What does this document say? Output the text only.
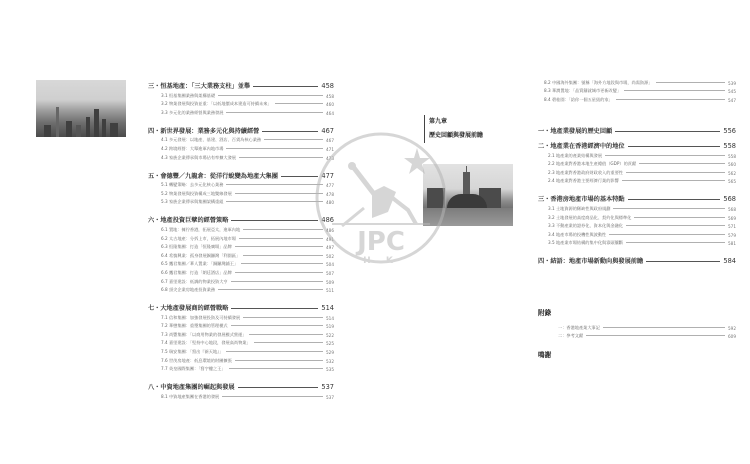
三・恒基地產：「三大業務支柱」並舉	458
3.1 恒基集團業務與架構基礎	458
3.2 物業發展與投資並重：「以低地價成本建造可持續未來」	460
3.3 多元化的業務經營與業務發展	464
四・新世界發展：業務多元化與持續經營	467
4.1 多元發展：以地產、基建、酒店、百貨為核心業務	467
4.2 跨境經營：大舉進軍內地市場	471
4.3 家族企業傳承與市場佔有率擴大發展	473
五・會德豐／九龍倉：從洋行蛻變為地產大集團	477
5.1 轉變策略：去多元化核心業務	477
5.2 物業發展與投資構成三地雙線發展	478
5.3 家族企業傳承與集團架構重組	480
六・地產投資巨擘的經營策略	486
6.1 置地：擁佇香港，拓展亞太，進軍內地	486
6.2 太古地產：分拆上市，拓展內地市場	491
6.3 恒隆集團：打造「恒隆廣場」品牌	497
6.4 希慎興業：孤身發展銅鑼灣「利園區」	502
6.5 鷹君集團／華人置業：「銅鑼灣鋪王」	504
6.6 鷹君集團：打造「朗廷酒店」品牌	507
6.7 嘉里建設：低調的物業投資大亨	509
6.8 頂尖企業房地產投資業務	511
七・大地產發展商的經營戰略	514
7.1 信和集團：加強發展投資及可持續發展	514
7.2 華懋集團：重塑集團的管理模式	519
7.3 尚豐集團：「以商用物業的發展模式營運」	522
7.4 嘉里建設：「堅持中心地段，發展高尚物業」	525
7.5 瑞安集團：「寫出『新天地』」	529
7.6 世茂房地產：低息環境的財團擴張	532
7.7 英皇國際集團：「寫字樓之王」	535
八・中資地產集團的崛起與發展	537
8.1 中資地產集團在香港的發展	537
第九章
歷史回顧與發展前瞻
8.2 中國海外集團：號稱「海外方地段與市場，尚需資源」	539
8.3 華潤置地：「品質鑄就城市更新改變」	545
8.4 碧桂園：「給你一個五星級的家」	547
一・地產業發展的歷史回顧	556
二・地產業在香港經濟中的地位	558
2.1 地產業的產業結構與發展	558
2.2 地產業對香港本地生產總值（GDP）的貢獻	560
2.3 地產業對香港政府財政收入的重要性	562
2.4 地產業對香港主要經濟行業的影響	565
三・香港房地產市場的基本特點	568
3.1 土地資源的稀缺性與政府規劃	568
3.2 土地發展的高度商品化、契約化與標準化	569
3.3 不動產業的證券化、資本化與金融化	571
3.4 地產市場的投機性與波動性	579
3.5 地產業市場結構的集中化與寡頭壟斷	581
四・結語：地產市場新動向與發展前瞻	584
附錄
一：香港地產業大事記	592
二：參考文獻	609
鳴謝
JPC
H K
